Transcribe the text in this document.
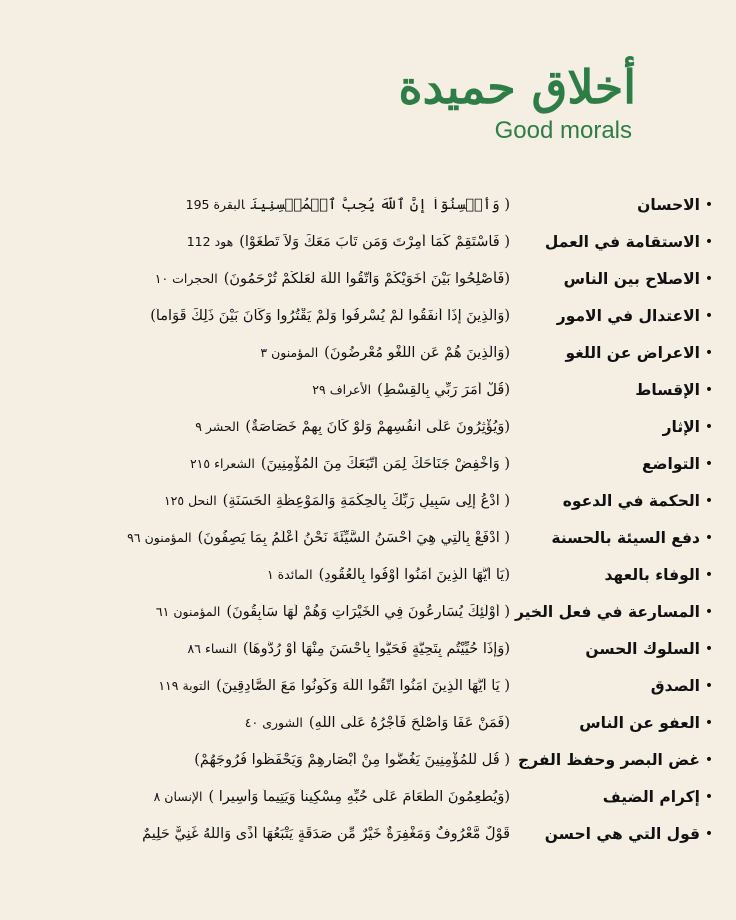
أخلاق حميدة
Good morals
•
الاحسان
( وَأَحۡسِنُوٓاْ إِنَّ ٱللَّهَ يُحِبُّ ٱلۡمُحۡسِنِينَالبقرة 195
•
الاستقامة في العمل
( فَاسْتَقِمْ كَمَا أُمِرْتَ وَمَن تَابَ مَعَكَ وَلاَ تَطْغَوْا)هود 112
•
الاصلاح بين الناس
(فَأَصْلِحُوا بَيْنَ أَخَوَيْكُمْ وَاتَّقُوا اللَّهَ لَعَلَّكُمْ تُرْحَمُونَ)الحجرات ١٠
•
الاعتدال في الامور
(وَالَّذِينَ إِذَا أَنفَقُوا لَمْ يُسْرِفُوا وَلَمْ يَقْتُرُوا وَكَانَ بَيْنَ ذَلِكَ قَوَاماً)
•
الاعراض عن اللغو
(وَالَّذِينَ هُمْ عَنِ اللَّغْوِ مُعْرِضُونَ)المؤمنون ٣
•
الإقساط
(قُلْ أَمَرَ رَبِّي بِالْقِسْطِ)الأعراف ٢٩
•
الإثار
(وَيُؤْثِرُونَ عَلَى أَنفُسِهِمْ وَلَوْ كَانَ بِهِمْ خَصَاصَةٌ)الحشر ٩
•
التواضع
( وَاخْفِضْ جَنَاحَكَ لِمَنِ اتَّبَعَكَ مِنَ الْمُؤْمِنِينَ)الشعراء ٢١٥
•
الحكمة في الدعوه
( ادْعُ إِلِى سَبِيلِ رَبِّكَ بِالْحِكْمَةِ وَالْمَوْعِظَةِ الْحَسَنَةِ)النحل ١٢٥
•
دفع السيئة بالحسنة
( ادْفَعْ بِالَّتِي هِيَ أَحْسَنُ السَّيِّئَةَ نَحْنُ أَعْلَمُ بِمَا يَصِفُونَ)المؤمنون ٩٦
•
الوفاء بالعهد
(يَا أَيُّهَا الَّذِينَ آمَنُواْ أَوْفُواْ بِالْعُقُودِ)المائدة ١
•
المسارعة في فعل الخير
( أُوْلَئِكَ يُسَارِعُونَ فِي الْخَيْرَاتِ وَهُمْ لَهَا سَابِقُونَ)المؤمنون ٦١
•
السلوك الحسن
(وَإِذَا حُيِّيْتُم بِتَحِيَّةٍ فَحَيُّواْ بِأَحْسَنَ مِنْهَا أَوْ رُدُّوهَا)النساء ٨٦
•
الصدق
( يَا أَيُّهَا الَّذِينَ آمَنُوا اتَّقُوا اللَّهَ وَكُونُوا مَعَ الصَّادِقِينَ)التوبة ١١٩
•
العفو عن الناس
(فَمَنْ عَفَا وَأَصْلَحَ فَأَجْرُهُ عَلَى اللَّهِ)الشورى ٤٠
•
غض البصر وحفظ الفرج
( قُل لِّلْمُؤْمِنِينَ يَغُضُّوا مِنْ أَبْصَارِهِمْ وَيَحْفَظُوا فُرُوجَهُمْ)
•
إكرام الضيف
(وَيُطْعِمُونَ الطَّعَامَ عَلَى حُبِّهِ مِسْكِيناً وَيَتِيماً وَأَسِيرا )الإنسان ٨
•
قول التي هي احسن
قَوْلٌ مَّعْرُوفٌ وَمَغْفِرَةٌ خَيْرٌ مِّن صَدَقَةٍ يَتْبَعُهَا أَذًى وَاللَّهُ غَنِيٌّ حَلِيمٌ
